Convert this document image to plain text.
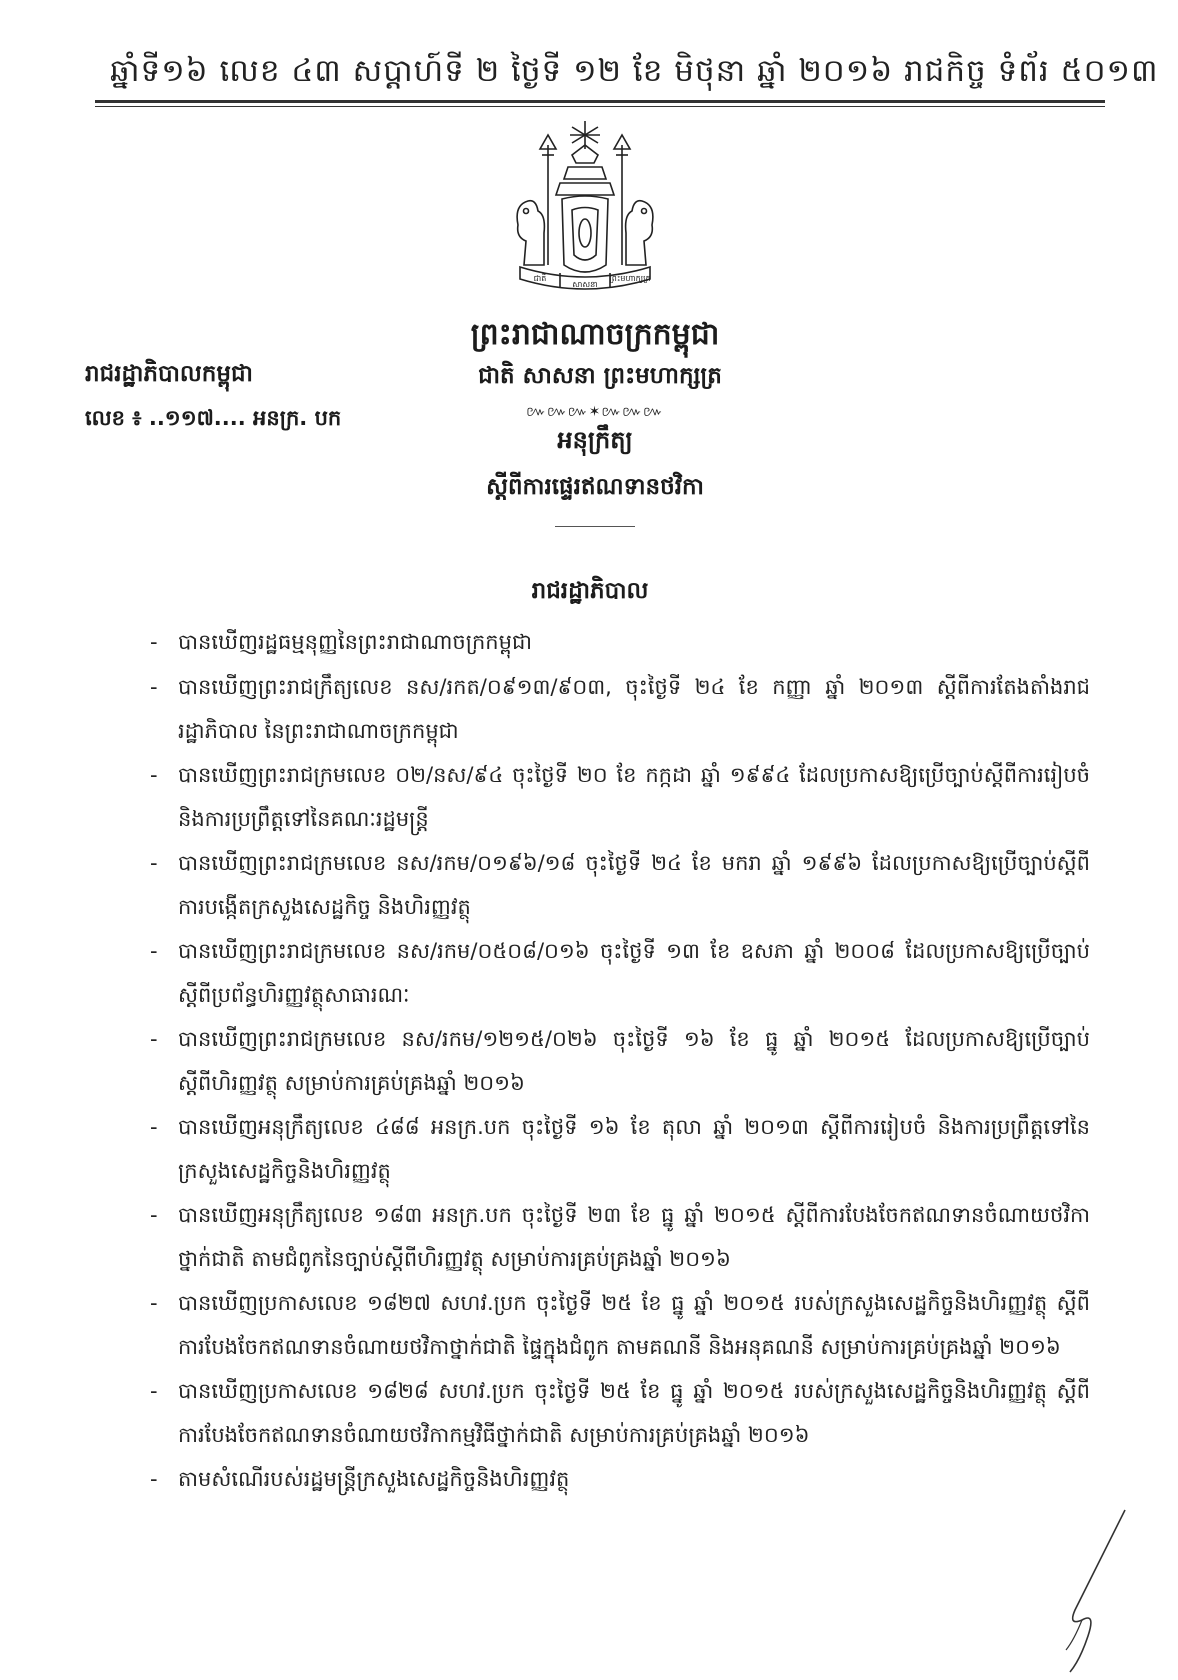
ឆ្នាំទី១៦ លេខ ៤៣ សប្តាហ៍ទី ២ ថ្ងៃទី ១២ ខែ មិថុនា ឆ្នាំ ២០១៦ រាជកិច្ច ទំព័រ ៥០១៣
ជាតិ
សាសនា
ព្រះមហាក្សត្រ
ព្រះរាជាណាចក្រកម្ពុជា
រាជរដ្ឋាភិបាលកម្ពុជា	ជាតិ សាសនា ព្រះមហាក្សត្រ
លេខ ៖ ..១១៧.... អនក្រ. បក	៚៚៚✶៚៚៚
អនុក្រឹត្យ
ស្ដីពីការផ្ទេរឥណទានថវិកា
រាជរដ្ឋាភិបាល
- បានឃើញរដ្ឋធម្មនុញ្ញនៃព្រះរាជាណាចក្រកម្ពុជា
- បានឃើញព្រះរាជក្រឹត្យលេខ នស/រកត/០៩១៣/៩០៣, ចុះថ្ងៃទី ២៤ ខែ កញ្ញា ឆ្នាំ ២០១៣ ស្ដីពីការតែងតាំងរាជរដ្ឋាភិបាល នៃព្រះរាជាណាចក្រកម្ពុជា
- បានឃើញព្រះរាជក្រមលេខ ០២/នស/៩៤ ចុះថ្ងៃទី ២០ ខែ កក្កដា ឆ្នាំ ១៩៩៤ ដែលប្រកាសឱ្យប្រើច្បាប់ស្ដីពីការរៀបចំ និងការប្រព្រឹត្តទៅនៃគណៈរដ្ឋមន្ត្រី
- បានឃើញព្រះរាជក្រមលេខ នស/រកម/០១៩៦/១៨ ចុះថ្ងៃទី ២៤ ខែ មករា ឆ្នាំ ១៩៩៦ ដែលប្រកាសឱ្យប្រើច្បាប់ស្ដីពីការបង្កើតក្រសួងសេដ្ឋកិច្ច និងហិរញ្ញវត្ថុ
- បានឃើញព្រះរាជក្រមលេខ នស/រកម/០៥០៨/០១៦ ចុះថ្ងៃទី ១៣ ខែ ឧសភា ឆ្នាំ ២០០៨ ដែលប្រកាសឱ្យប្រើច្បាប់ស្ដីពីប្រព័ន្ធហិរញ្ញវត្ថុសាធារណៈ
- បានឃើញព្រះរាជក្រមលេខ នស/រកម/១២១៥/០២៦ ចុះថ្ងៃទី ១៦ ខែ ធ្នូ ឆ្នាំ ២០១៥ ដែលប្រកាសឱ្យប្រើច្បាប់ស្ដីពីហិរញ្ញវត្ថុ សម្រាប់ការគ្រប់គ្រងឆ្នាំ ២០១៦
- បានឃើញអនុក្រឹត្យលេខ ៤៨៨ អនក្រ.បក ចុះថ្ងៃទី ១៦ ខែ តុលា ឆ្នាំ ២០១៣ ស្ដីពីការរៀបចំ និងការប្រព្រឹត្តទៅនៃក្រសួងសេដ្ឋកិច្ចនិងហិរញ្ញវត្ថុ
- បានឃើញអនុក្រឹត្យលេខ ១៨៣ អនក្រ.បក ចុះថ្ងៃទី ២៣ ខែ ធ្នូ ឆ្នាំ ២០១៥ ស្ដីពីការបែងចែកឥណទានចំណាយថវិកាថ្នាក់ជាតិ តាមជំពូកនៃច្បាប់ស្ដីពីហិរញ្ញវត្ថុ សម្រាប់ការគ្រប់គ្រងឆ្នាំ ២០១៦
- បានឃើញប្រកាសលេខ ១៨២៧ សហវ.ប្រក ចុះថ្ងៃទី ២៥ ខែ ធ្នូ ឆ្នាំ ២០១៥ របស់ក្រសួងសេដ្ឋកិច្ចនិងហិរញ្ញវត្ថុ ស្ដីពីការបែងចែកឥណទានចំណាយថវិកាថ្នាក់ជាតិ ផ្ទៃក្នុងជំពូក តាមគណនី និងអនុគណនី សម្រាប់ការគ្រប់គ្រងឆ្នាំ ២០១៦
- បានឃើញប្រកាសលេខ ១៨២៨ សហវ.ប្រក ចុះថ្ងៃទី ២៥ ខែ ធ្នូ ឆ្នាំ ២០១៥ របស់ក្រសួងសេដ្ឋកិច្ចនិងហិរញ្ញវត្ថុ ស្ដីពីការបែងចែកឥណទានចំណាយថវិកាកម្មវិធីថ្នាក់ជាតិ សម្រាប់ការគ្រប់គ្រងឆ្នាំ ២០១៦
- តាមសំណើរបស់រដ្ឋមន្ត្រីក្រសួងសេដ្ឋកិច្ចនិងហិរញ្ញវត្ថុ
